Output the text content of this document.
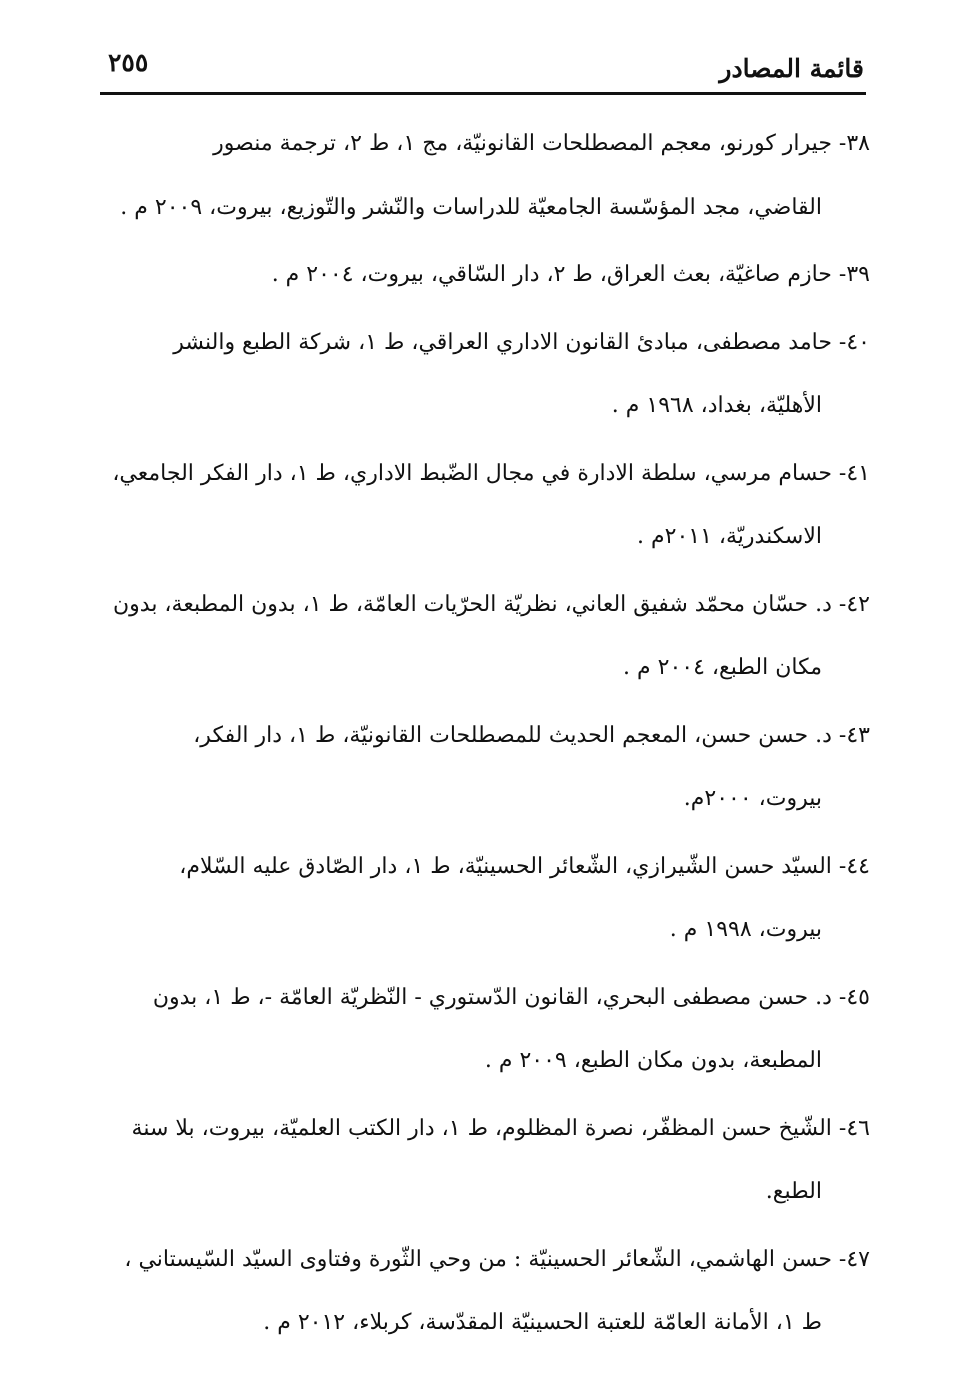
قائمة المصادر
٢٥٥
٣٨- جيرار كورنو، معجم المصطلحات القانونيّة، مج ١، ط ٢، ترجمة منصور
القاضي، مجد المؤسّسة الجامعيّة للدراسات والنّشر والتّوزيع، بيروت، ٢٠٠٩ م .
٣٩- حازم صاغيّة، بعث العراق، ط ٢، دار السّاقي، بيروت، ٢٠٠٤ م .
٤٠- حامد مصطفى، مبادئ القانون الاداري العراقي، ط ١، شركة الطبع والنشر
الأهليّة، بغداد، ١٩٦٨ م .
٤١- حسام مرسي، سلطة الادارة في مجال الضّبط الاداري، ط ١، دار الفكر الجامعي،
الاسكندريّة، ٢٠١١م .
٤٢- د. حسّان محمّد شفيق العاني، نظريّة الحرّيات العامّة، ط ١، بدون المطبعة، بدون
مكان الطبع، ٢٠٠٤ م .
٤٣- د. حسن حسن، المعجم الحديث للمصطلحات القانونيّة، ط ١، دار الفكر،
بيروت، ٢٠٠٠م.
٤٤- السيّد حسن الشّيرازي، الشّعائر الحسينيّة، ط ١، دار الصّادق عليه السّلام،
بيروت، ١٩٩٨ م .
٤٥- د. حسن مصطفى البحري، القانون الدّستوري - النّظريّة العامّة -، ط ١، بدون
المطبعة، بدون مكان الطبع، ٢٠٠٩ م .
٤٦- الشّيخ حسن المظفّر، نصرة المظلوم، ط ١، دار الكتب العلميّة، بيروت، بلا سنة
الطبع.
٤٧- حسن الهاشمي، الشّعائر الحسينيّة : من وحي الثّورة وفتاوى السيّد السّيستاني ،
ط ١، الأمانة العامّة للعتبة الحسينيّة المقدّسة، كربلاء، ٢٠١٢ م .
